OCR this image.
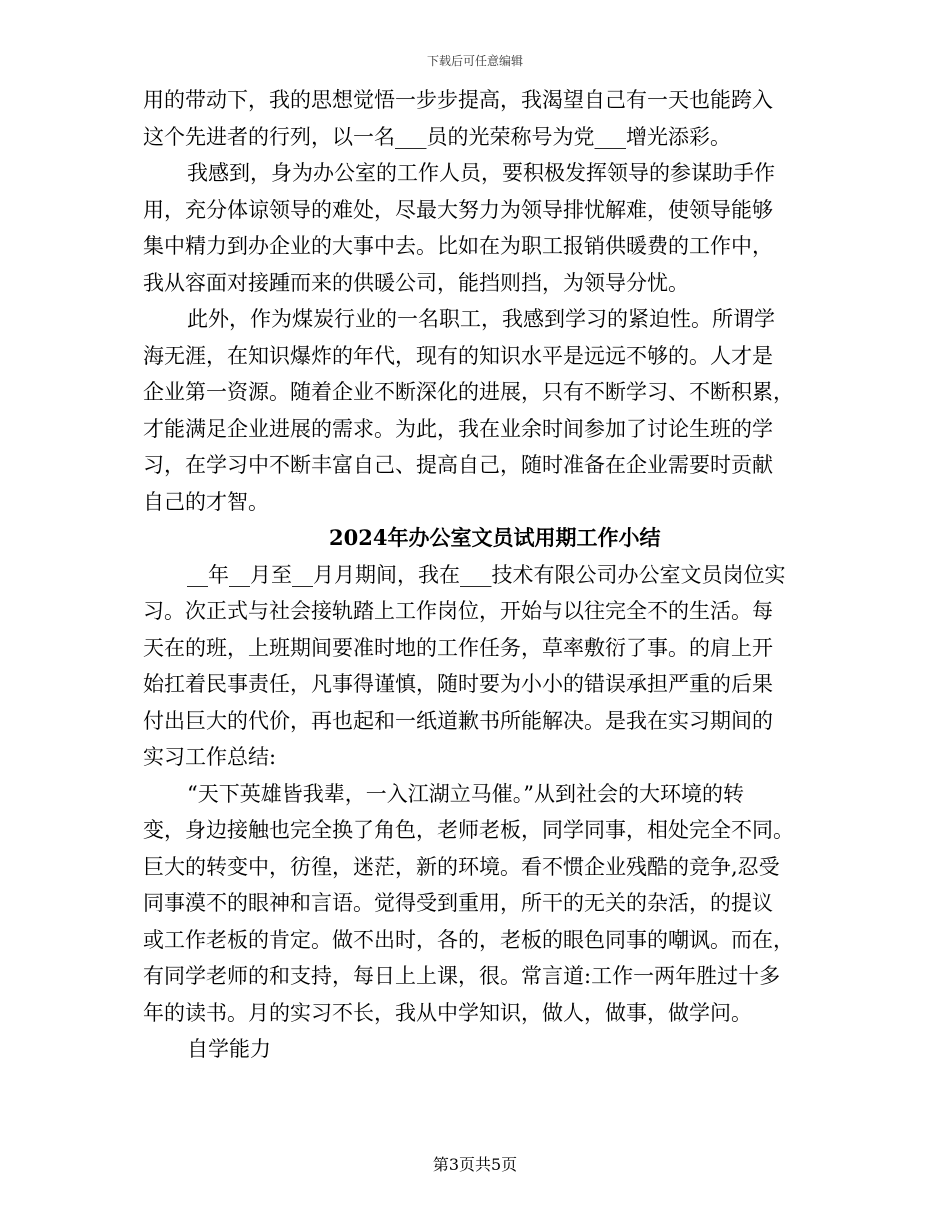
下载后可任意编辑
用的带动下，我的思想觉悟一步步提高，我渴望自己有一天也能跨入
这个先进者的行列，以一名___员的光荣称号为党___增光添彩。
我感到，身为办公室的工作人员，要积极发挥领导的参谋助手作
用，充分体谅领导的难处，尽最大努力为领导排忧解难，使领导能够
集中精力到办企业的大事中去。比如在为职工报销供暖费的工作中，
我从容面对接踵而来的供暖公司，能挡则挡，为领导分忧。
此外，作为煤炭行业的一名职工，我感到学习的紧迫性。所谓学
海无涯，在知识爆炸的年代，现有的知识水平是远远不够的。人才是
企业第一资源。随着企业不断深化的进展，只有不断学习、不断积累，
才能满足企业进展的需求。为此，我在业余时间参加了讨论生班的学
习，在学习中不断丰富自己、提高自己，随时准备在企业需要时贡献
自己的才智。
2024年办公室文员试用期工作小结
__年__月至__月月期间，我在___技术有限公司办公室文员岗位实
习。次正式与社会接轨踏上工作岗位，开始与以往完全不的生活。每
天在的班，上班期间要准时地的工作任务，草率敷衍了事。的肩上开
始扛着民事责任，凡事得谨慎，随时要为小小的错误承担严重的后果
付出巨大的代价，再也起和一纸道歉书所能解决。是我在实习期间的
实习工作总结:
“天下英雄皆我辈，一入江湖立马催。”从到社会的大环境的转
变，身边接触也完全换了角色，老师老板，同学同事，相处完全不同。
巨大的转变中，彷徨，迷茫，新的环境。看不惯企业残酷的竞争,忍受
同事漠不的眼神和言语。觉得受到重用，所干的无关的杂活，的提议
或工作老板的肯定。做不出时，各的，老板的眼色同事的嘲讽。而在，
有同学老师的和支持，每日上上课，很。常言道:工作一两年胜过十多
年的读书。月的实习不长，我从中学知识，做人，做事，做学问。
自学能力
第3页共5页
